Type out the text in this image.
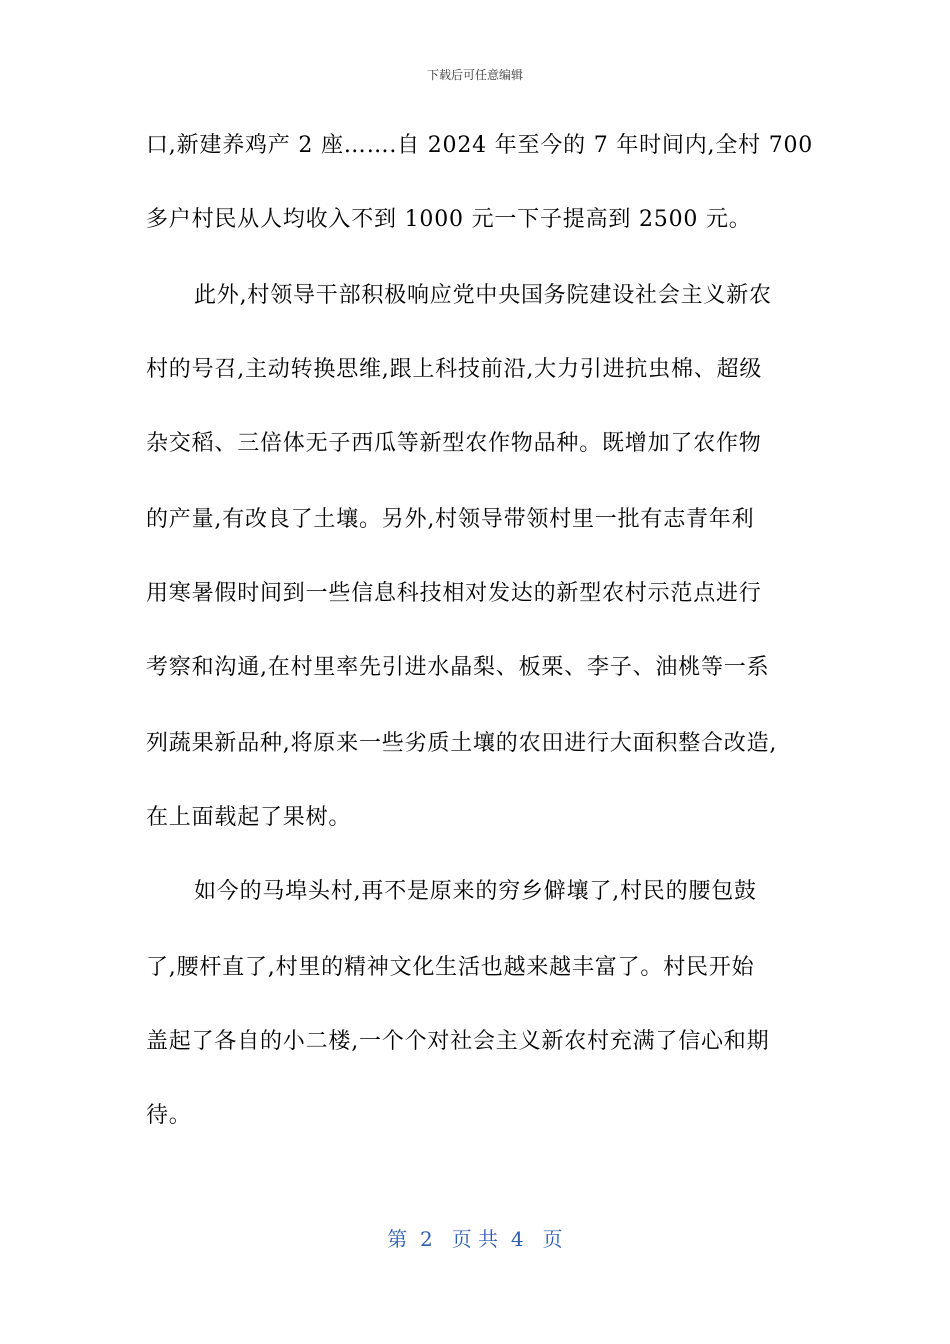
下载后可任意编辑
口,新建养鸡产 2 座…….自 2024 年至今的 7 年时间内,全村 700
多户村民从人均收入不到 1000 元一下子提高到 2500 元。
此外,村领导干部积极响应党中央国务院建设社会主义新农
村的号召,主动转换思维,跟上科技前沿,大力引进抗虫棉、超级
杂交稻、三倍体无子西瓜等新型农作物品种。既增加了农作物
的产量,有改良了土壤。另外,村领导带领村里一批有志青年利
用寒暑假时间到一些信息科技相对发达的新型农村示范点进行
考察和沟通,在村里率先引进水晶梨、板栗、李子、油桃等一系
列蔬果新品种,将原来一些劣质土壤的农田进行大面积整合改造,
在上面载起了果树。
如今的马埠头村,再不是原来的穷乡僻壤了,村民的腰包鼓
了,腰杆直了,村里的精神文化生活也越来越丰富了。村民开始
盖起了各自的小二楼,一个个对社会主义新农村充满了信心和期
待。
第  2   页 共  4   页
